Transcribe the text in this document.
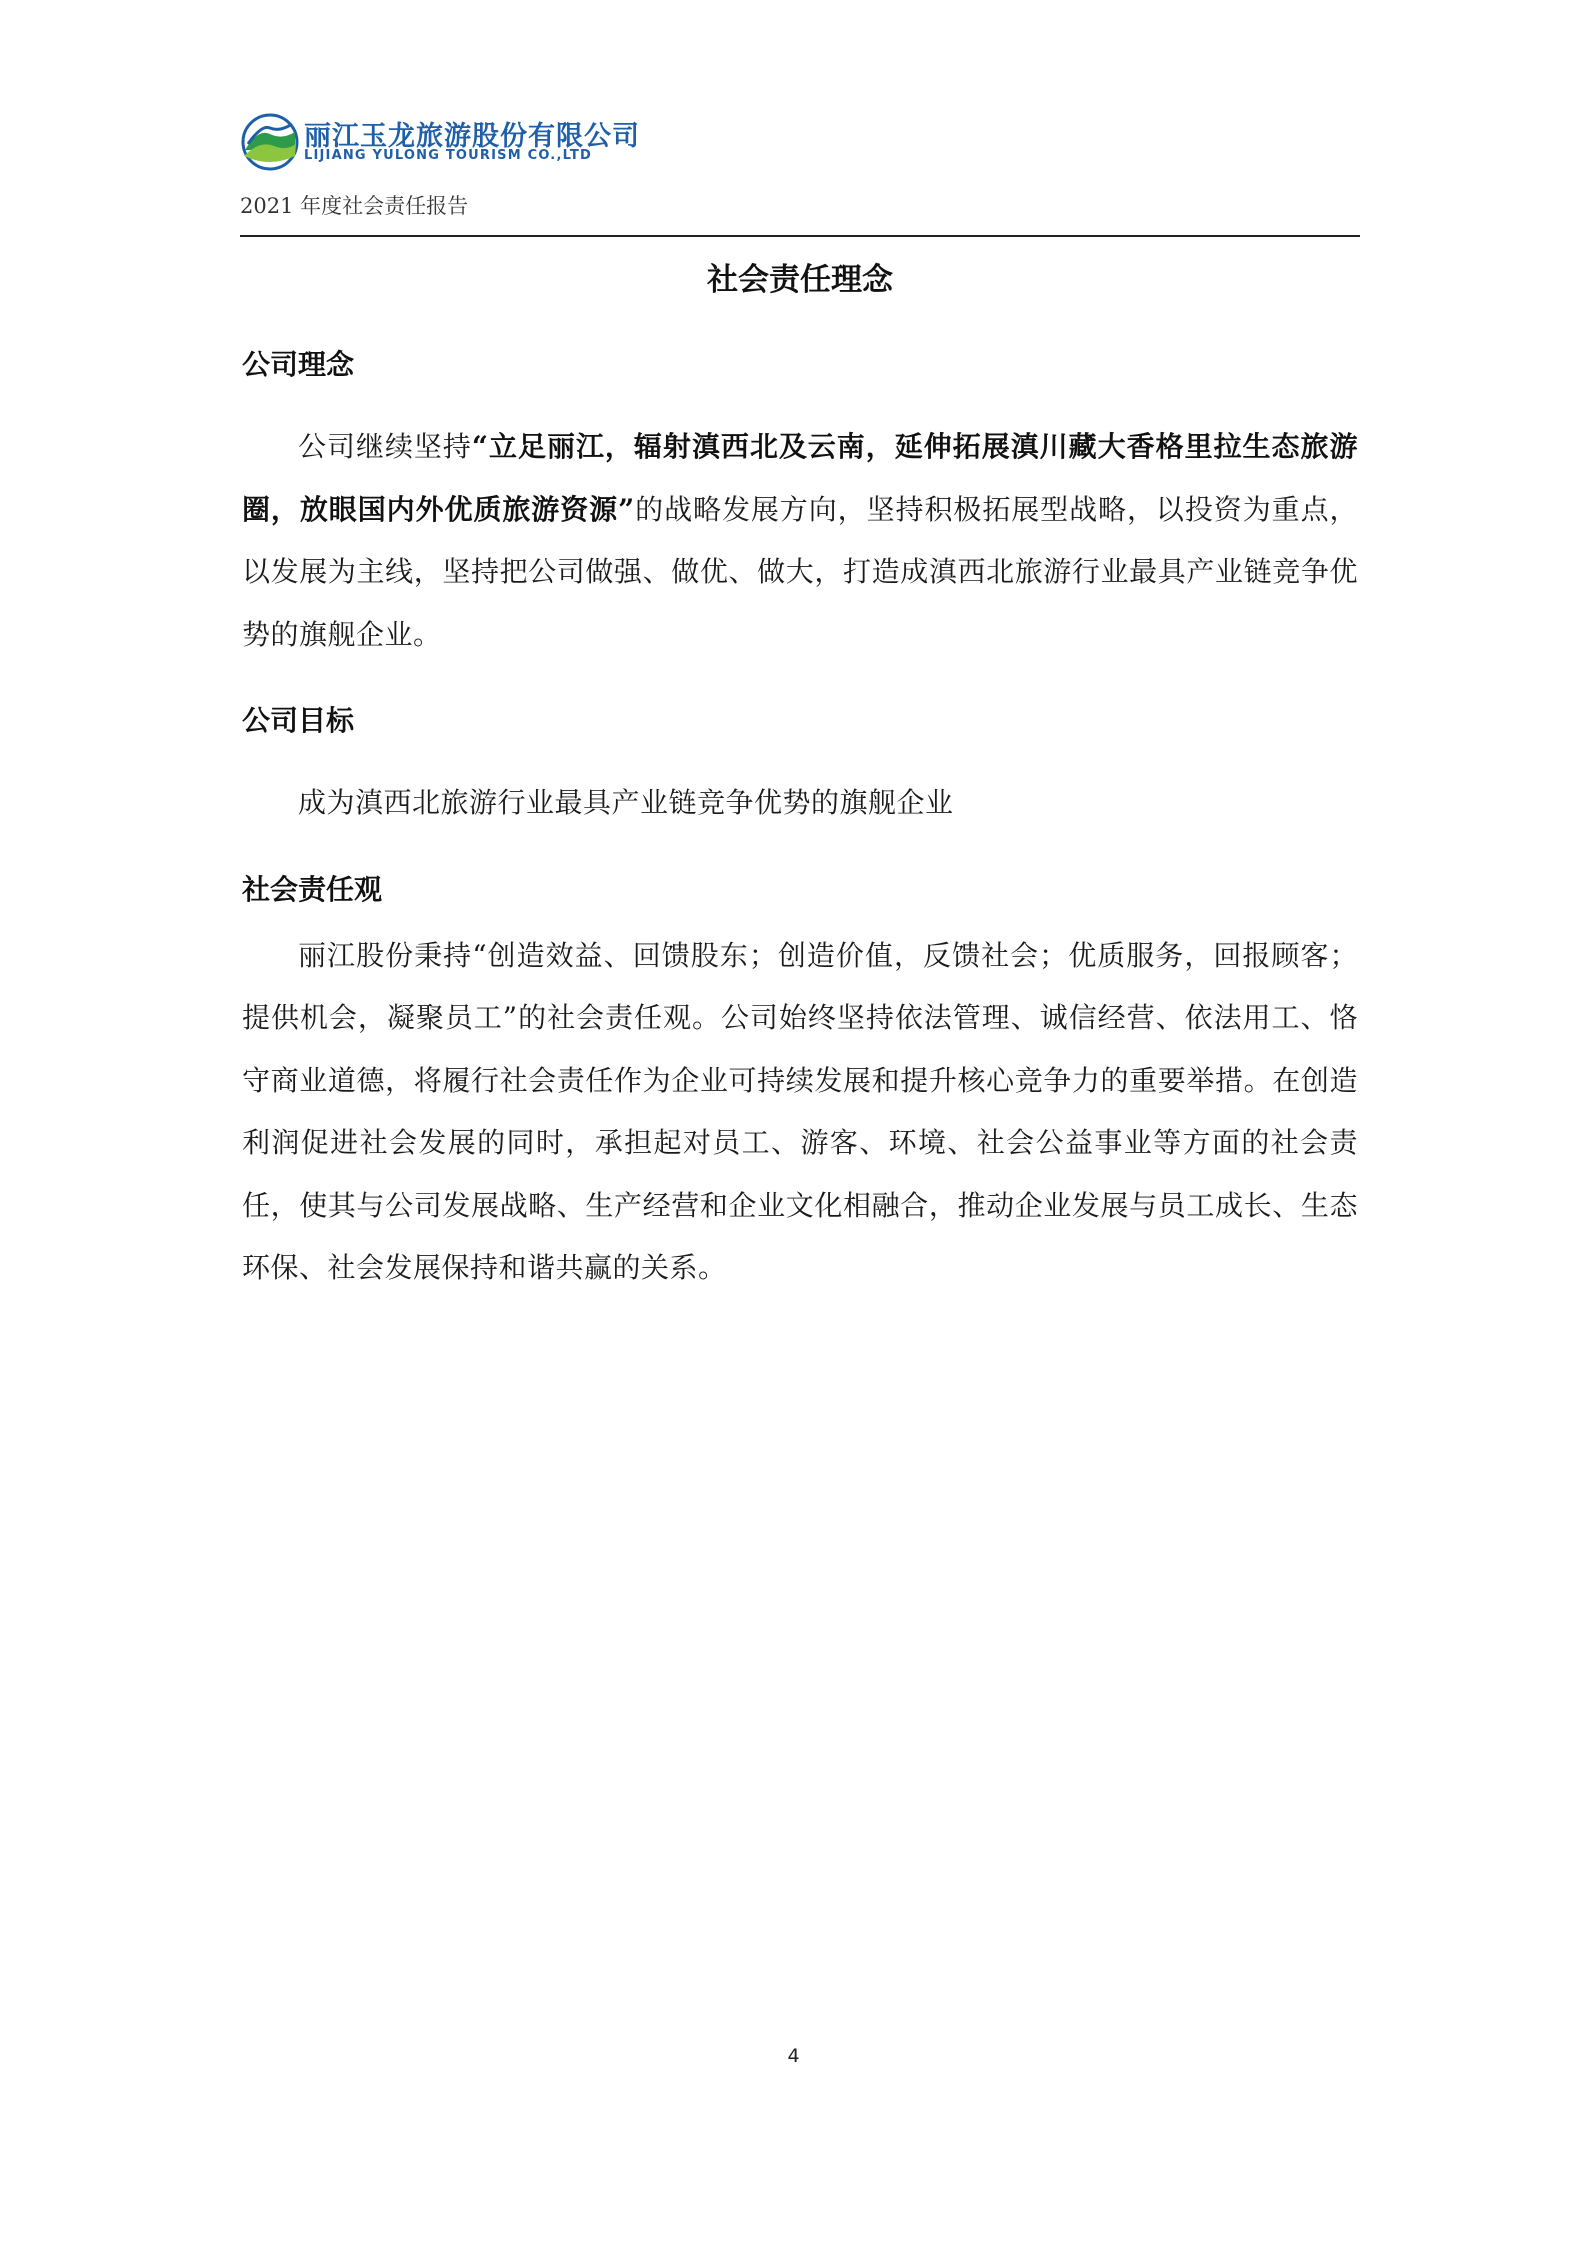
丽江玉龙旅游股份有限公司
LIJIANG YULONG TOURISM CO.,LTD
2021 年度社会责任报告
社会责任理念
公司理念

公司继续坚持“立足丽江，辐射滇西北及云南，延伸拓展滇川藏大香格里拉生态旅游圈，放眼国内外优质旅游资源”的战略发展方向，坚持积极拓展型战略，以投资为重点，以发展为主线，坚持把公司做强、做优、做大，打造成滇西北旅游行业最具产业链竞争优势的旗舰企业。

公司目标

成为滇西北旅游行业最具产业链竞争优势的旗舰企业

社会责任观

丽江股份秉持“创造效益、回馈股东；创造价值，反馈社会；优质服务，回报顾客；提供机会，凝聚员工”的社会责任观。公司始终坚持依法管理、诚信经营、依法用工、恪守商业道德，将履行社会责任作为企业可持续发展和提升核心竞争力的重要举措。在创造利润促进社会发展的同时，承担起对员工、游客、环境、社会公益事业等方面的社会责任，使其与公司发展战略、生产经营和企业文化相融合，推动企业发展与员工成长、生态环保、社会发展保持和谐共赢的关系。

4
